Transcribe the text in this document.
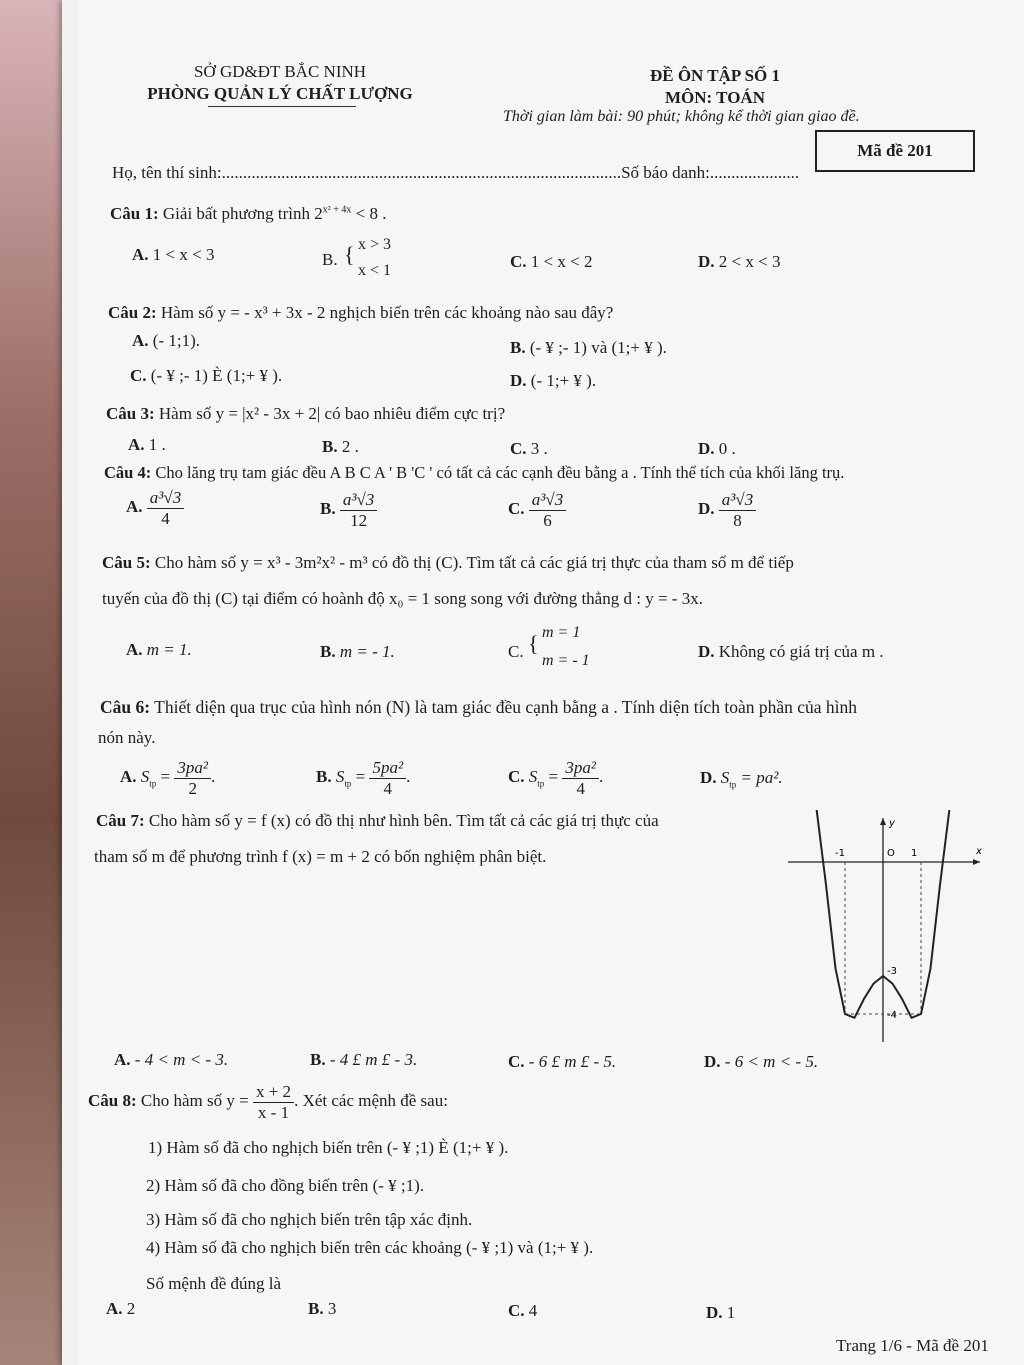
SỞ GD&ĐT BẮC NINH
PHÒNG QUẢN LÝ CHẤT LƯỢNG
ĐỀ ÔN TẬP SỐ 1
MÔN: TOÁN
Thời gian làm bài: 90 phút; không kể thời gian giao đề.
Mã đề 201
Họ, tên thí sinh:..............................................................................................Số báo danh:.....................
Câu 1: Giải bất phương trình $2^{x^2 + 4x} < 8$ .
A. 1 < x < 3	B. { x > 3
x < 1	C. 1 < x < 2	D. 2 < x < 3
Câu 2: Hàm số y = - x³ + 3x - 2 nghịch biến trên các khoảng nào sau đây?
A. (- 1;1).	B. (- ¥ ;- 1) và (1;+ ¥ ).
C. (- ¥ ;- 1) È (1;+ ¥ ).	D. (- 1;+ ¥ ).
Câu 3: Hàm số y = |x² - 3x + 2| có bao nhiêu điểm cực trị?
A. 1 .	B. 2 .	C. 3 .	D. 0 .
Câu 4: Cho lăng trụ tam giác đều A B C A ' B 'C ' có tất cả các cạnh đều bằng a . Tính thể tích của khối lăng trụ.
A. $\frac{\text{a³√3}}{4}$	B. $\frac{\text{a³√3}}{12}$	C. $\frac{\text{a³√3}}{6}$	D. $\frac{\text{a³√3}}{8}$
Câu 5: Cho hàm số y = x³ - 3m²x² - m³ có đồ thị (C). Tìm tất cả các giá trị thực của tham số m để tiếp
tuyến của đồ thị (C) tại điểm có hoành độ x₀ = 1 song song với đường thẳng d : y = - 3x.
A. m = 1.	B. m = - 1.	C. { m = 1
m = - 1	D. Không có giá trị của m .
Câu 6: Thiết diện qua trục của hình nón (N) là tam giác đều cạnh bằng a . Tính diện tích toàn phần của hình
nón này.
A. $S_{tp} = \frac{\text{3pa²}}{2}$ .	B. $S_{tp} = \frac{\text{5pa²}}{4}$ .	C. $S_{tp} = \frac{\text{3pa²}}{4}$ .	D. $S_{tp} = pa^2$.
Câu 7: Cho hàm số y = f (x) có đồ thị như hình bên. Tìm tất cả các giá trị thực của
tham số m để phương trình f (x) = m + 2 có bốn nghiệm phân biệt.	x
y
-1	O 1
-3
-4
A. - 4 < m < - 3.	B. - 4 £ m £ - 3.	C. - 6 £ m £ - 5.	D. - 6 < m < - 5.
Câu 8: Cho hàm số $y = \frac{x + 2}{x - 1}$ . Xét các mệnh đề sau:
1) Hàm số đã cho nghịch biến trên (- ¥ ;1) È (1;+ ¥ ).
2) Hàm số đã cho đồng biến trên (- ¥ ;1).
3) Hàm số đã cho nghịch biến trên tập xác định.
4) Hàm số đã cho nghịch biến trên các khoảng (- ¥ ;1) và (1;+ ¥ ).
Số mệnh đề đúng là
A. 2	B. 3	C. 4	D. 1
Trang 1/6 - Mã đề 201
